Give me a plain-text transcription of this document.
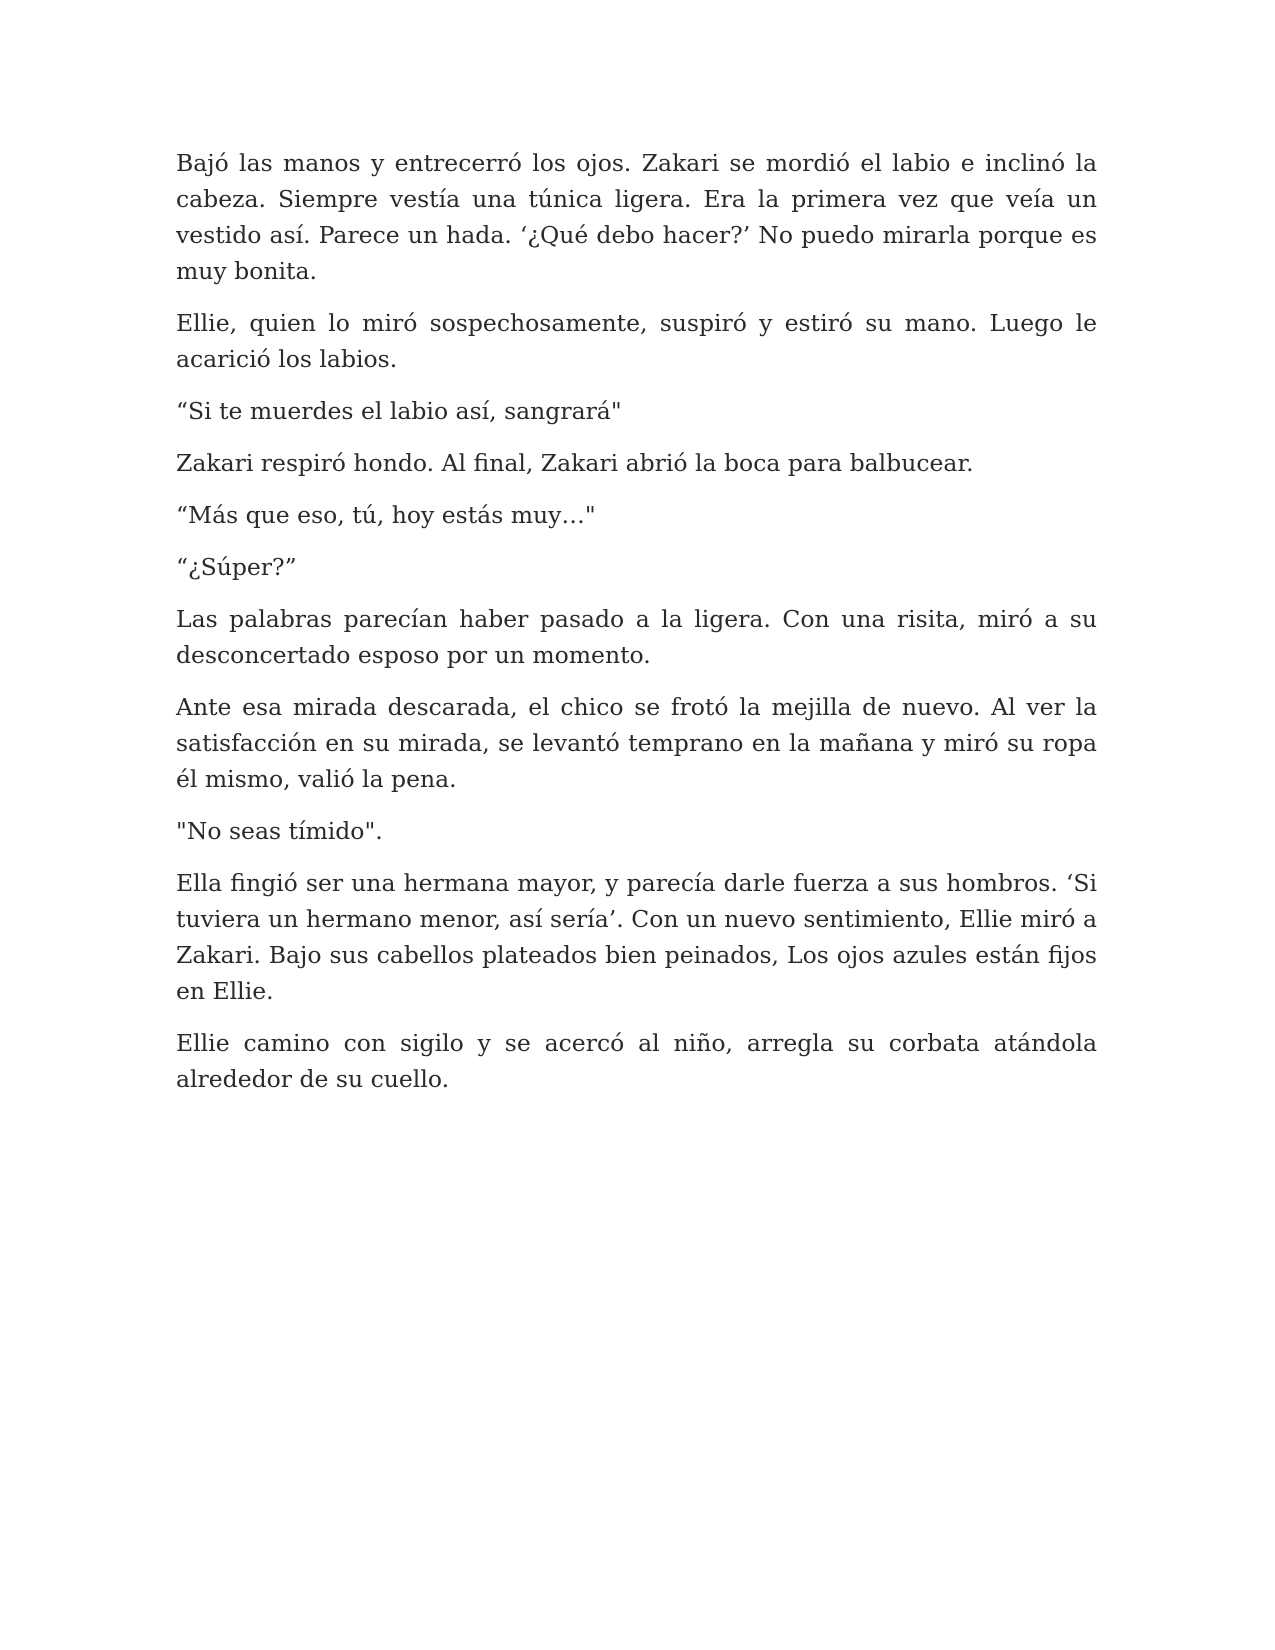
Bajó las manos y entrecerró los ojos. Zakari se mordió el labio e inclinó la cabeza. Siempre vestía una túnica ligera. Era la primera vez que veía un vestido así. Parece un hada. ‘¿Qué debo hacer?’ No puedo mirarla porque es muy bonita.

Ellie, quien lo miró sospechosamente, suspiró y estiró su mano. Luego le acarició los labios.

“Si te muerdes el labio así, sangrará"

Zakari respiró hondo. Al final, Zakari abrió la boca para balbucear.

“Más que eso, tú, hoy estás muy…"

“¿Súper?”

Las palabras parecían haber pasado a la ligera. Con una risita, miró a su desconcertado esposo por un momento.

Ante esa mirada descarada, el chico se frotó la mejilla de nuevo. Al ver la satisfacción en su mirada, se levantó temprano en la mañana y miró su ropa él mismo, valió la pena.

"No seas tímido".

Ella fingió ser una hermana mayor, y parecía darle fuerza a sus hombros. ‘Si tuviera un hermano menor, así sería’. Con un nuevo sentimiento, Ellie miró a Zakari. Bajo sus cabellos plateados bien peinados, Los ojos azules están fijos en Ellie.

Ellie camino con sigilo y se acercó al niño, arregla su corbata atándola alrededor de su cuello.
